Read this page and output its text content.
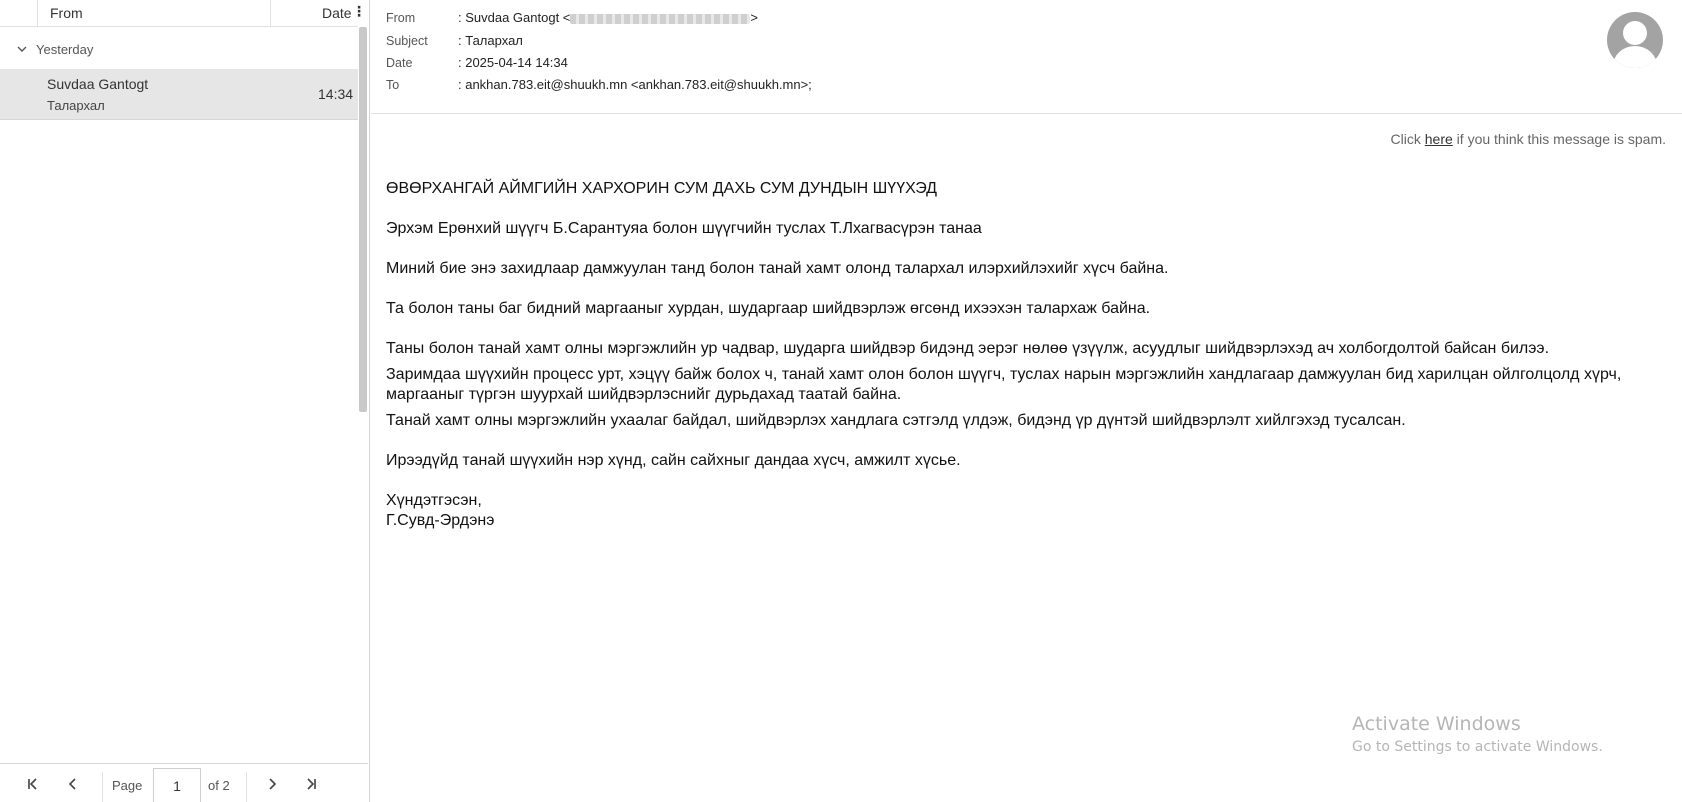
From	Date ⋮
Yesterday
Suvdaa Gantogt
Талархал
14:34
Page
1	of 2
From	: Suvdaa Gantogt <	>
Subject	: Талархал
Date	: 2025-04-14 14:34
To	: ankhan.783.eit@shuukh.mn <ankhan.783.eit@shuukh.mn>;
Click here if you think this message is spam.

ӨВӨРХАНГАЙ АЙМГИЙН ХАРХОРИН СУМ ДАХЬ СУМ ДУНДЫН ШҮҮХЭД

Эрхэм Ерөнхий шүүгч Б.Сарантуяа болон шүүгчийн туслах Т.Лхагвасүрэн танаа

Миний бие энэ захидлаар дамжуулан танд болон танай хамт олонд талархал илэрхийлэхийг хүсч байна.

Та болон таны баг бидний маргааныг хурдан, шударгаар шийдвэрлэж өгсөнд ихээхэн талархаж байна.

Таны болон танай хамт олны мэргэжлийн ур чадвар, шударга шийдвэр бидэнд эерэг нөлөө үзүүлж, асуудлыг шийдвэрлэхэд ач холбогдолтой байсан билээ.

Заримдаа шүүхийн процесс урт, хэцүү байж болох ч, танай хамт олон болон шүүгч, туслах нарын мэргэжлийн хандлагаар дамжуулан бид харилцан ойлголцолд хүрч,

маргааныг түргэн шуурхай шийдвэрлэснийг дурьдахад таатай байна.

Танай хамт олны мэргэжлийн ухаалаг байдал, шийдвэрлэх хандлага сэтгэлд үлдэж, бидэнд үр дүнтэй шийдвэрлэлт хийлгэхэд тусалсан.

Ирээдүйд танай шүүхийн нэр хүнд, сайн сайхныг дандаа хүсч, амжилт хүсье.

Хүндэтгэсэн,

Г.Сувд-Эрдэнэ

Activate Windows
Go to Settings to activate Windows.
